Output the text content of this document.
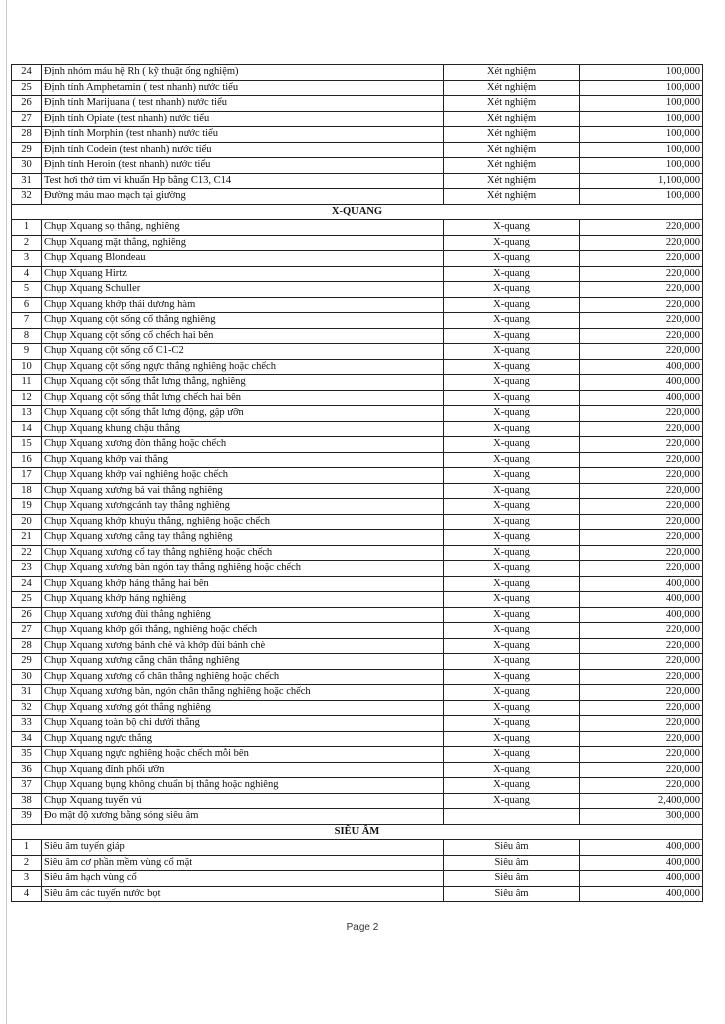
24	Định nhóm máu hệ Rh ( kỹ thuật ống nghiệm)	Xét nghiệm	100,000
25	Định tính Amphetamin ( test nhanh) nước tiểu	Xét nghiệm	100,000
26	Định tính Marijuana ( test nhanh) nước tiểu	Xét nghiệm	100,000
27	Định tính Opiate (test nhanh) nước tiểu	Xét nghiệm	100,000
28	Định tính Morphin (test nhanh) nước tiểu	Xét nghiệm	100,000
29	Định tính Codein (test nhanh) nước tiểu	Xét nghiệm	100,000
30	Định tính Heroin (test nhanh) nước tiểu	Xét nghiệm	100,000
31	Test hơi thở tìm vi khuẩn Hp bằng C13, C14	Xét nghiệm	1,100,000
32	Đường máu mao mạch tại giường	Xét nghiệm	100,000
X-QUANG			
1	Chụp Xquang sọ thẳng, nghiêng	X-quang	220,000
2	Chụp Xquang mặt thẳng, nghiêng	X-quang	220,000
3	Chụp Xquang Blondeau	X-quang	220,000
4	Chụp Xquang Hirtz	X-quang	220,000
5	Chụp Xquang Schuller	X-quang	220,000
6	Chụp Xquang khớp thái dương hàm	X-quang	220,000
7	Chụp Xquang cột sống cổ thẳng nghiêng	X-quang	220,000
8	Chụp Xquang cột sống cổ chếch hai bên	X-quang	220,000
9	Chụp Xquang cột sống cổ C1-C2	X-quang	220,000
10	Chụp Xquang cột sống ngực thẳng nghiêng hoặc chếch	X-quang	400,000
11	Chụp Xquang cột sống thắt lưng thẳng, nghiêng	X-quang	400,000
12	Chụp Xquang cột sống thắt lưng chếch hai bên	X-quang	400,000
13	Chụp Xquang cột sống thắt lưng động, gập ưỡn	X-quang	220,000
14	Chụp Xquang khung chậu thẳng	X-quang	220,000
15	Chụp Xquang xương đòn thẳng hoặc chếch	X-quang	220,000
16	Chụp Xquang khớp vai thẳng	X-quang	220,000
17	Chụp Xquang khớp vai nghiêng hoặc chếch	X-quang	220,000
18	Chụp Xquang xương bả vai thẳng nghiêng	X-quang	220,000
19	Chụp Xquang xươngcánh tay thẳng nghiêng	X-quang	220,000
20	Chụp Xquang khớp khuỷu thẳng, nghiêng hoặc chếch	X-quang	220,000
21	Chụp Xquang xương cẳng tay thẳng nghiêng	X-quang	220,000
22	Chụp Xquang xương cổ tay thẳng nghiêng hoặc chếch	X-quang	220,000
23	Chụp Xquang xương bàn ngón tay thẳng nghiêng hoặc chếch	X-quang	220,000
24	Chụp Xquang khớp háng thẳng hai bên	X-quang	400,000
25	Chụp Xquang khớp háng nghiêng	X-quang	400,000
26	Chụp Xquang xương đùi thẳng nghiêng	X-quang	400,000
27	Chụp Xquang khớp gối thẳng, nghiêng hoặc chếch	X-quang	220,000
28	Chụp Xquang xương bánh chè và khớp đùi bánh chè	X-quang	220,000
29	Chụp Xquang xương cẳng chân thẳng nghiêng	X-quang	220,000
30	Chụp Xquang xương cổ chân thẳng nghiêng hoặc chếch	X-quang	220,000
31	Chụp Xquang xương bàn, ngón chân thẳng nghiêng hoặc chếch	X-quang	220,000
32	Chụp Xquang xương gót thẳng nghiêng	X-quang	220,000
33	Chụp Xquang toàn bộ chi dưới thẳng	X-quang	220,000
34	Chụp Xquang ngực thẳng	X-quang	220,000
35	Chụp Xquang ngực nghiêng hoặc chếch mỗi bên	X-quang	220,000
36	Chụp Xquang đỉnh phổi ưỡn	X-quang	220,000
37	Chụp Xquang bụng không chuẩn bị thẳng hoặc nghiêng	X-quang	220,000
38	Chụp Xquang tuyến vú	X-quang	2,400,000
39	Đo mật độ xương bằng sóng siêu âm		300,000
SIÊU ÂM			
1	Siêu âm tuyến giáp	Siêu âm	400,000
2	Siêu âm cơ phần mềm vùng cổ mặt	Siêu âm	400,000
3	Siêu âm hạch vùng cổ	Siêu âm	400,000
4	Siêu âm các tuyến nước bọt	Siêu âm	400,000
Page 2
